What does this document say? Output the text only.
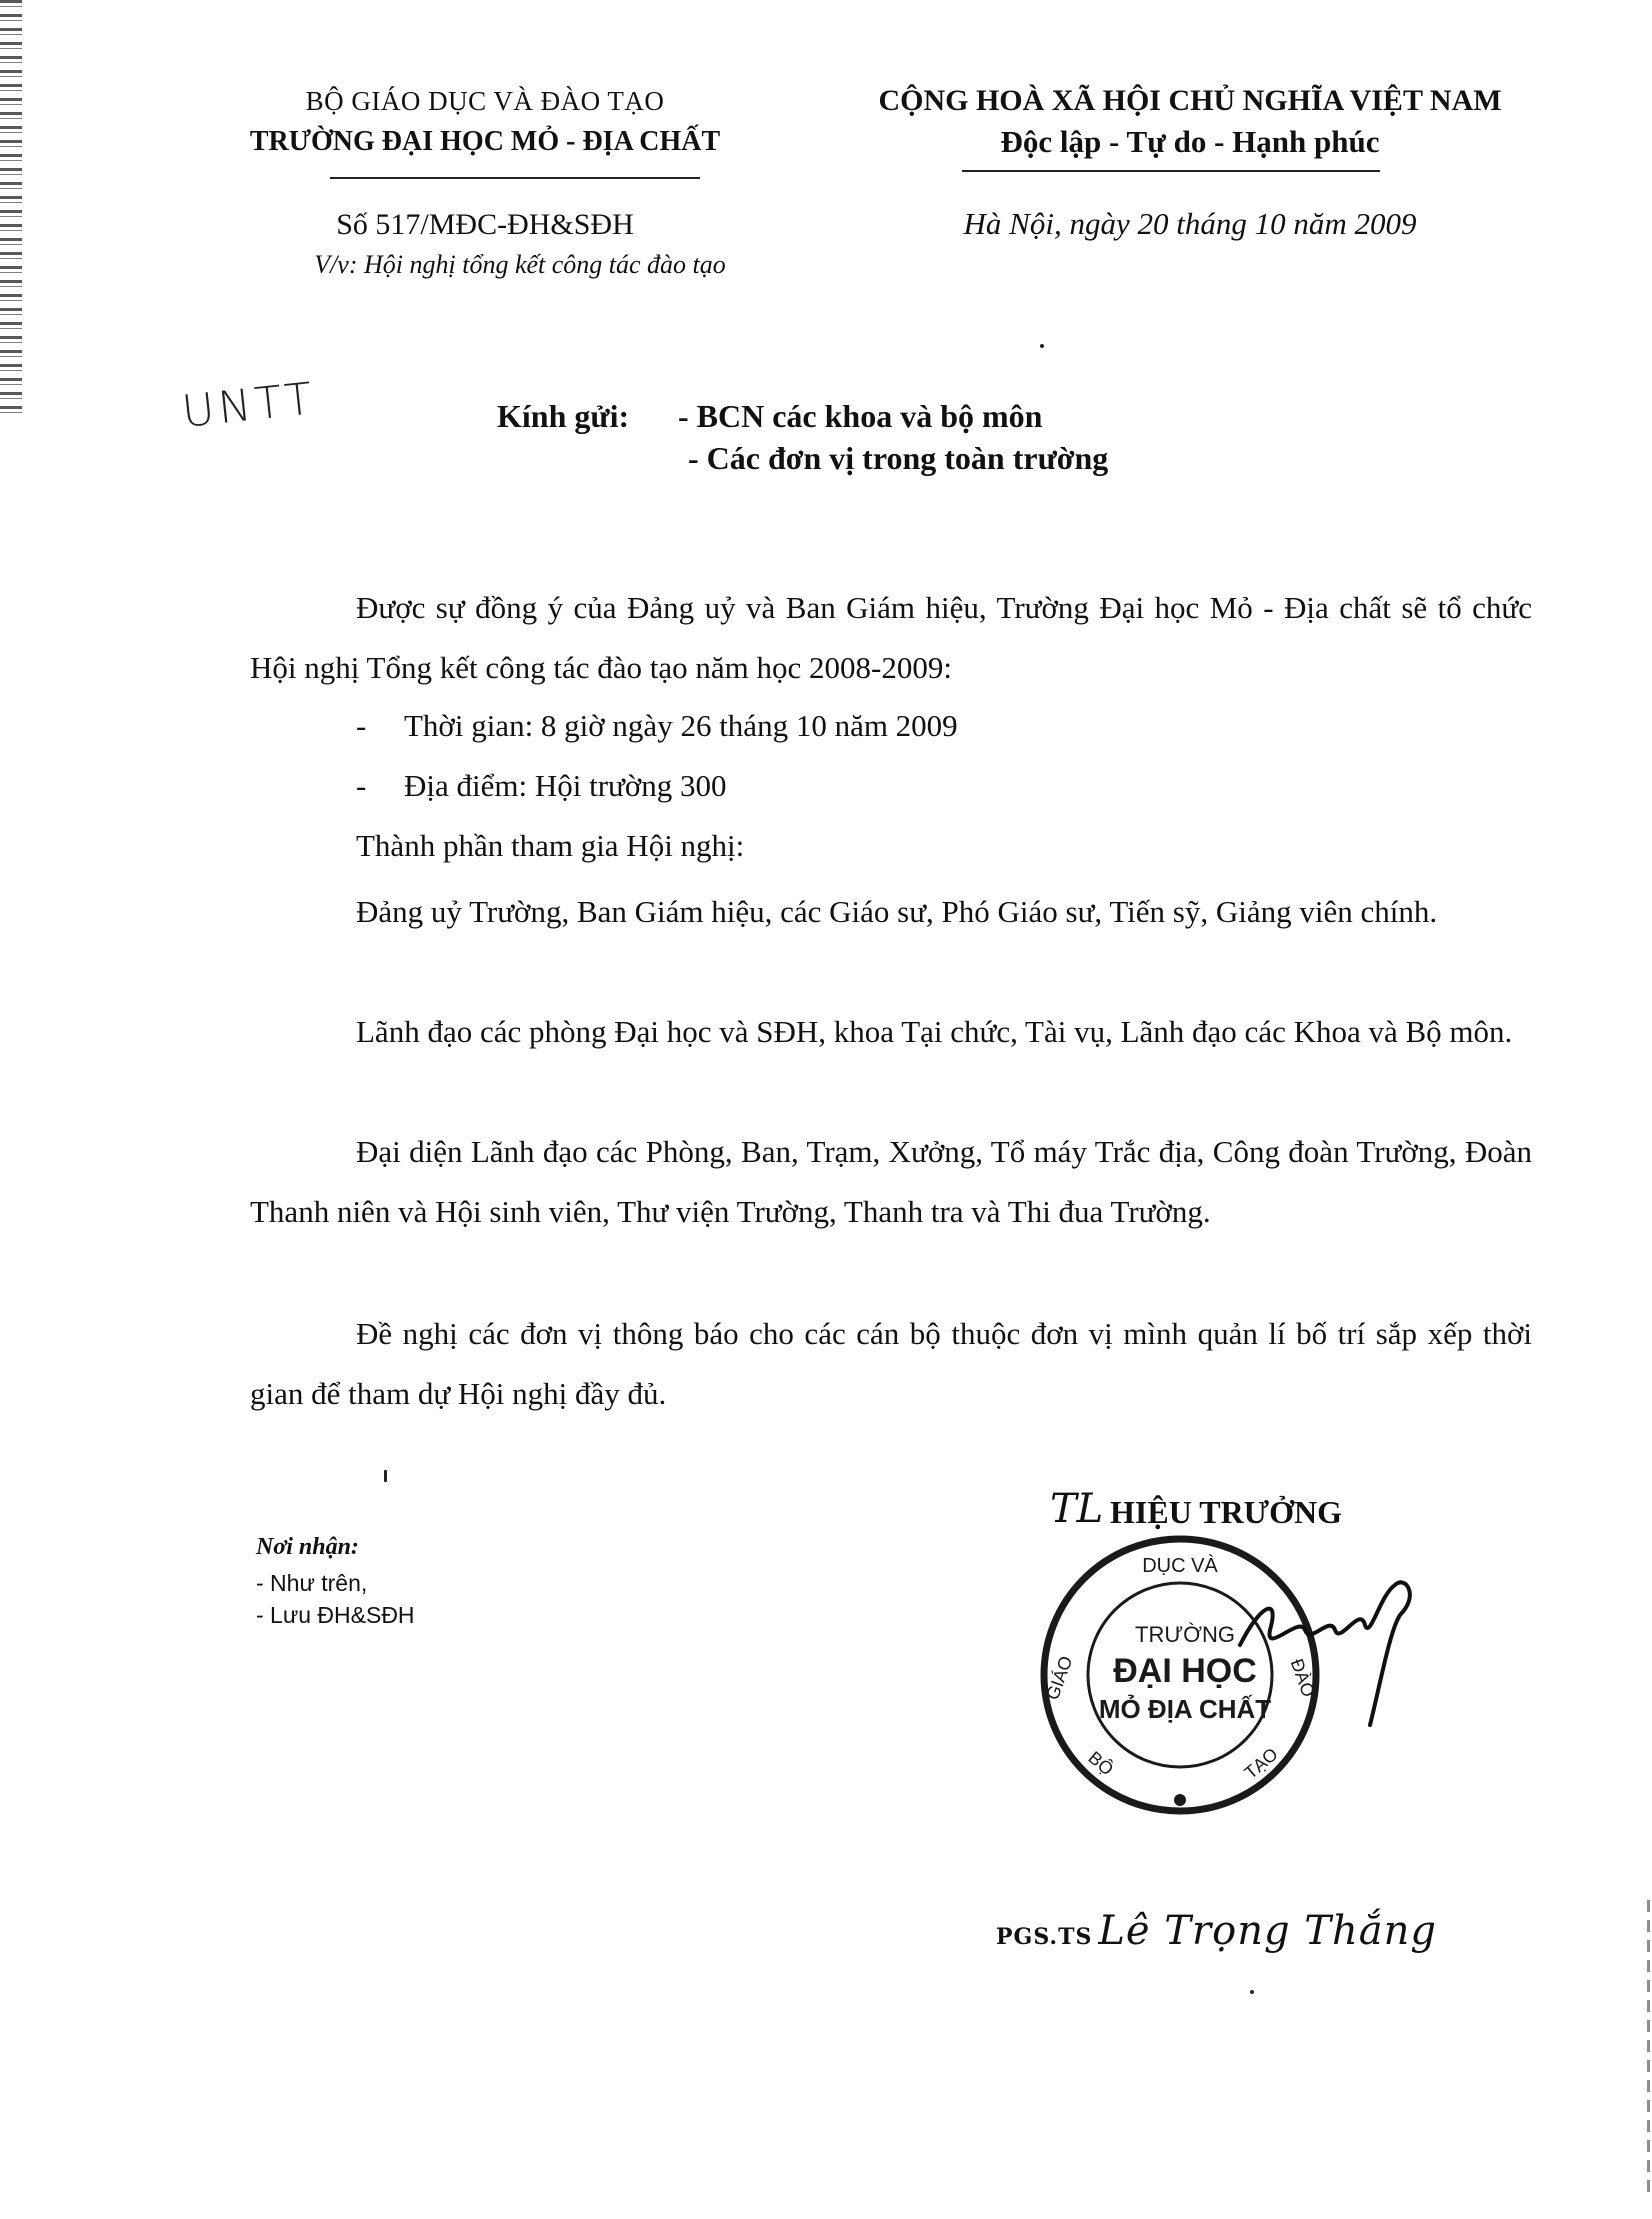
BỘ GIÁO DỤC VÀ ĐÀO TẠO
TRƯỜNG ĐẠI HỌC MỎ - ĐỊA CHẤT
CỘNG HOÀ XÃ HỘI CHỦ NGHĨA VIỆT NAM
Độc lập - Tự do - Hạnh phúc
Số 517/MĐC-ĐH&SĐH
V/v: Hội nghị tổng kết công tác đào tạo
Hà Nội, ngày 20 tháng 10 năm 2009
UNTT	Kính gửi: - BCN các khoa và bộ môn
- Các đơn vị trong toàn trường
Được sự đồng ý của Đảng uỷ và Ban Giám hiệu, Trường Đại học Mỏ - Địa chất sẽ tổ chức Hội nghị Tổng kết công tác đào tạo năm học 2008-2009:
- Thời gian: 8 giờ ngày 26 tháng 10 năm 2009
- Địa điểm: Hội trường 300
Thành phần tham gia Hội nghị:
Đảng uỷ Trường, Ban Giám hiệu, các Giáo sư, Phó Giáo sư, Tiến sỹ, Giảng viên chính.
Lãnh đạo các phòng Đại học và SĐH, khoa Tại chức, Tài vụ, Lãnh đạo các Khoa và Bộ môn.
Đại diện Lãnh đạo các Phòng, Ban, Trạm, Xưởng, Tổ máy Trắc địa, Công đoàn Trường, Đoàn Thanh niên và Hội sinh viên, Thư viện Trường, Thanh tra và Thi đua Trường.
Đề nghị các đơn vị thông báo cho các cán bộ thuộc đơn vị mình quản lí bố trí sắp xếp thời gian để tham dự Hội nghị đầy đủ.
Nơi nhận:
- Như trên,
- Lưu ĐH&SĐH
TL HIỆU TRƯỞNG
DỤC VÀ
GIÁO	ĐÀO
BỘ	TẠO
TRƯỜNG
ĐẠI HỌC
MỎ ĐỊA CHẤT
PGS.TS Lê Trọng Thắng
